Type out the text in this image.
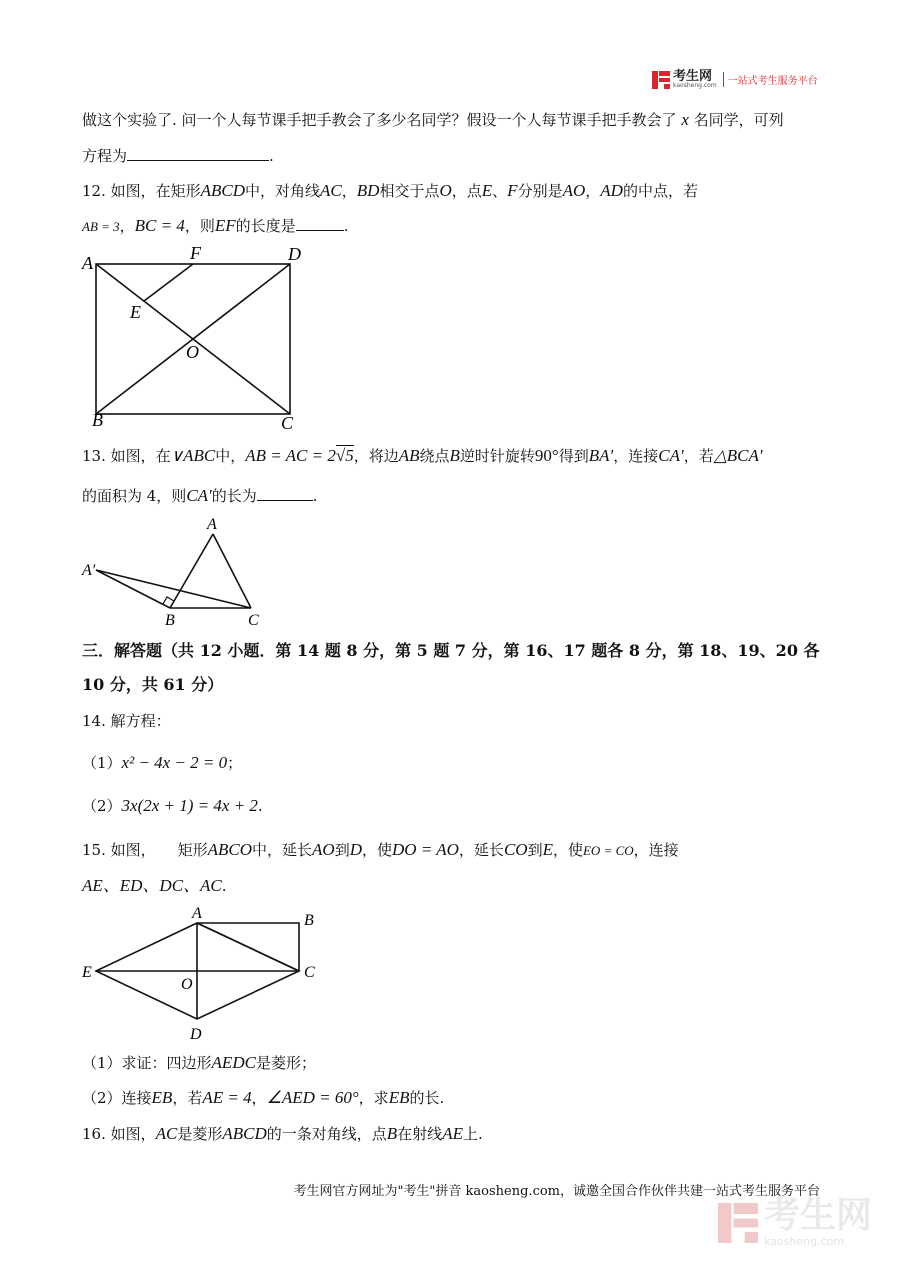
考生网
kaosheng.com	一站式考生服务平台
做这个实验了. 问一个人每节课手把手教会了多少名同学？假设一个人每节课手把手教会了 x 名同学，可列
方程为	.
12. 如图，在矩形ABCD中，对角线AC，BD相交于点O，点E、F分别是AO，AD的中点，若
AB = 3，BC = 4，则EF的长度是	.
A	F	D
E
O
B	C
13. 如图，在∨ABC中，AB = AC = 2√5，将边AB绕点B逆时针旋转90°得到BA′，连接CA′，若△BCA′
的面积为 4，则CA′的长为	.
A
A′
B	C
三．解答题（共 12 小题．第 14 题 8 分，第 5 题 7 分，第 16、17 题各 8 分，第 18、19、20 各
10 分，共 61 分）
14. 解方程：
（1）x² − 4x − 2 = 0；
（2）3x(2x + 1) = 4x + 2.
15. 如图， 矩形ABCO中，延长AO到D，使DO = AO，延长CO到E，使EO = CO，连接
AE、ED、DC、AC.
A	B
E	C
O
D
（1）求证：四边形AEDC是菱形；
（2）连接EB，若AE = 4，∠AED = 60°，求EB的长.
16. 如图，AC是菱形ABCD的一条对角线，点B在射线AE上.
考生网官方网址为"考生"拼音 kaosheng.com，诚邀全国合作伙伴共建一站式考生服务平台
考生网
kaosheng.com
